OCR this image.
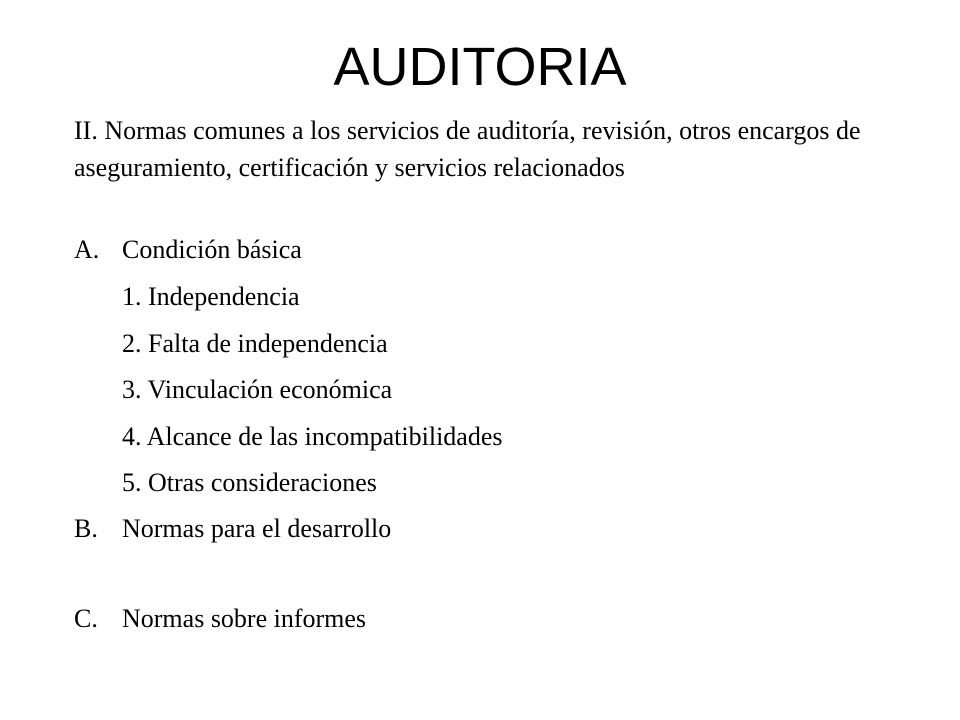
AUDITORIA
II. Normas comunes a los servicios de auditoría, revisión, otros encargos de aseguramiento, certificación y servicios relacionados
A. Condición básica
1. Independencia
2. Falta de independencia
3. Vinculación económica
4. Alcance de las incompatibilidades
5. Otras consideraciones
B. Normas para el desarrollo
C. Normas sobre informes
